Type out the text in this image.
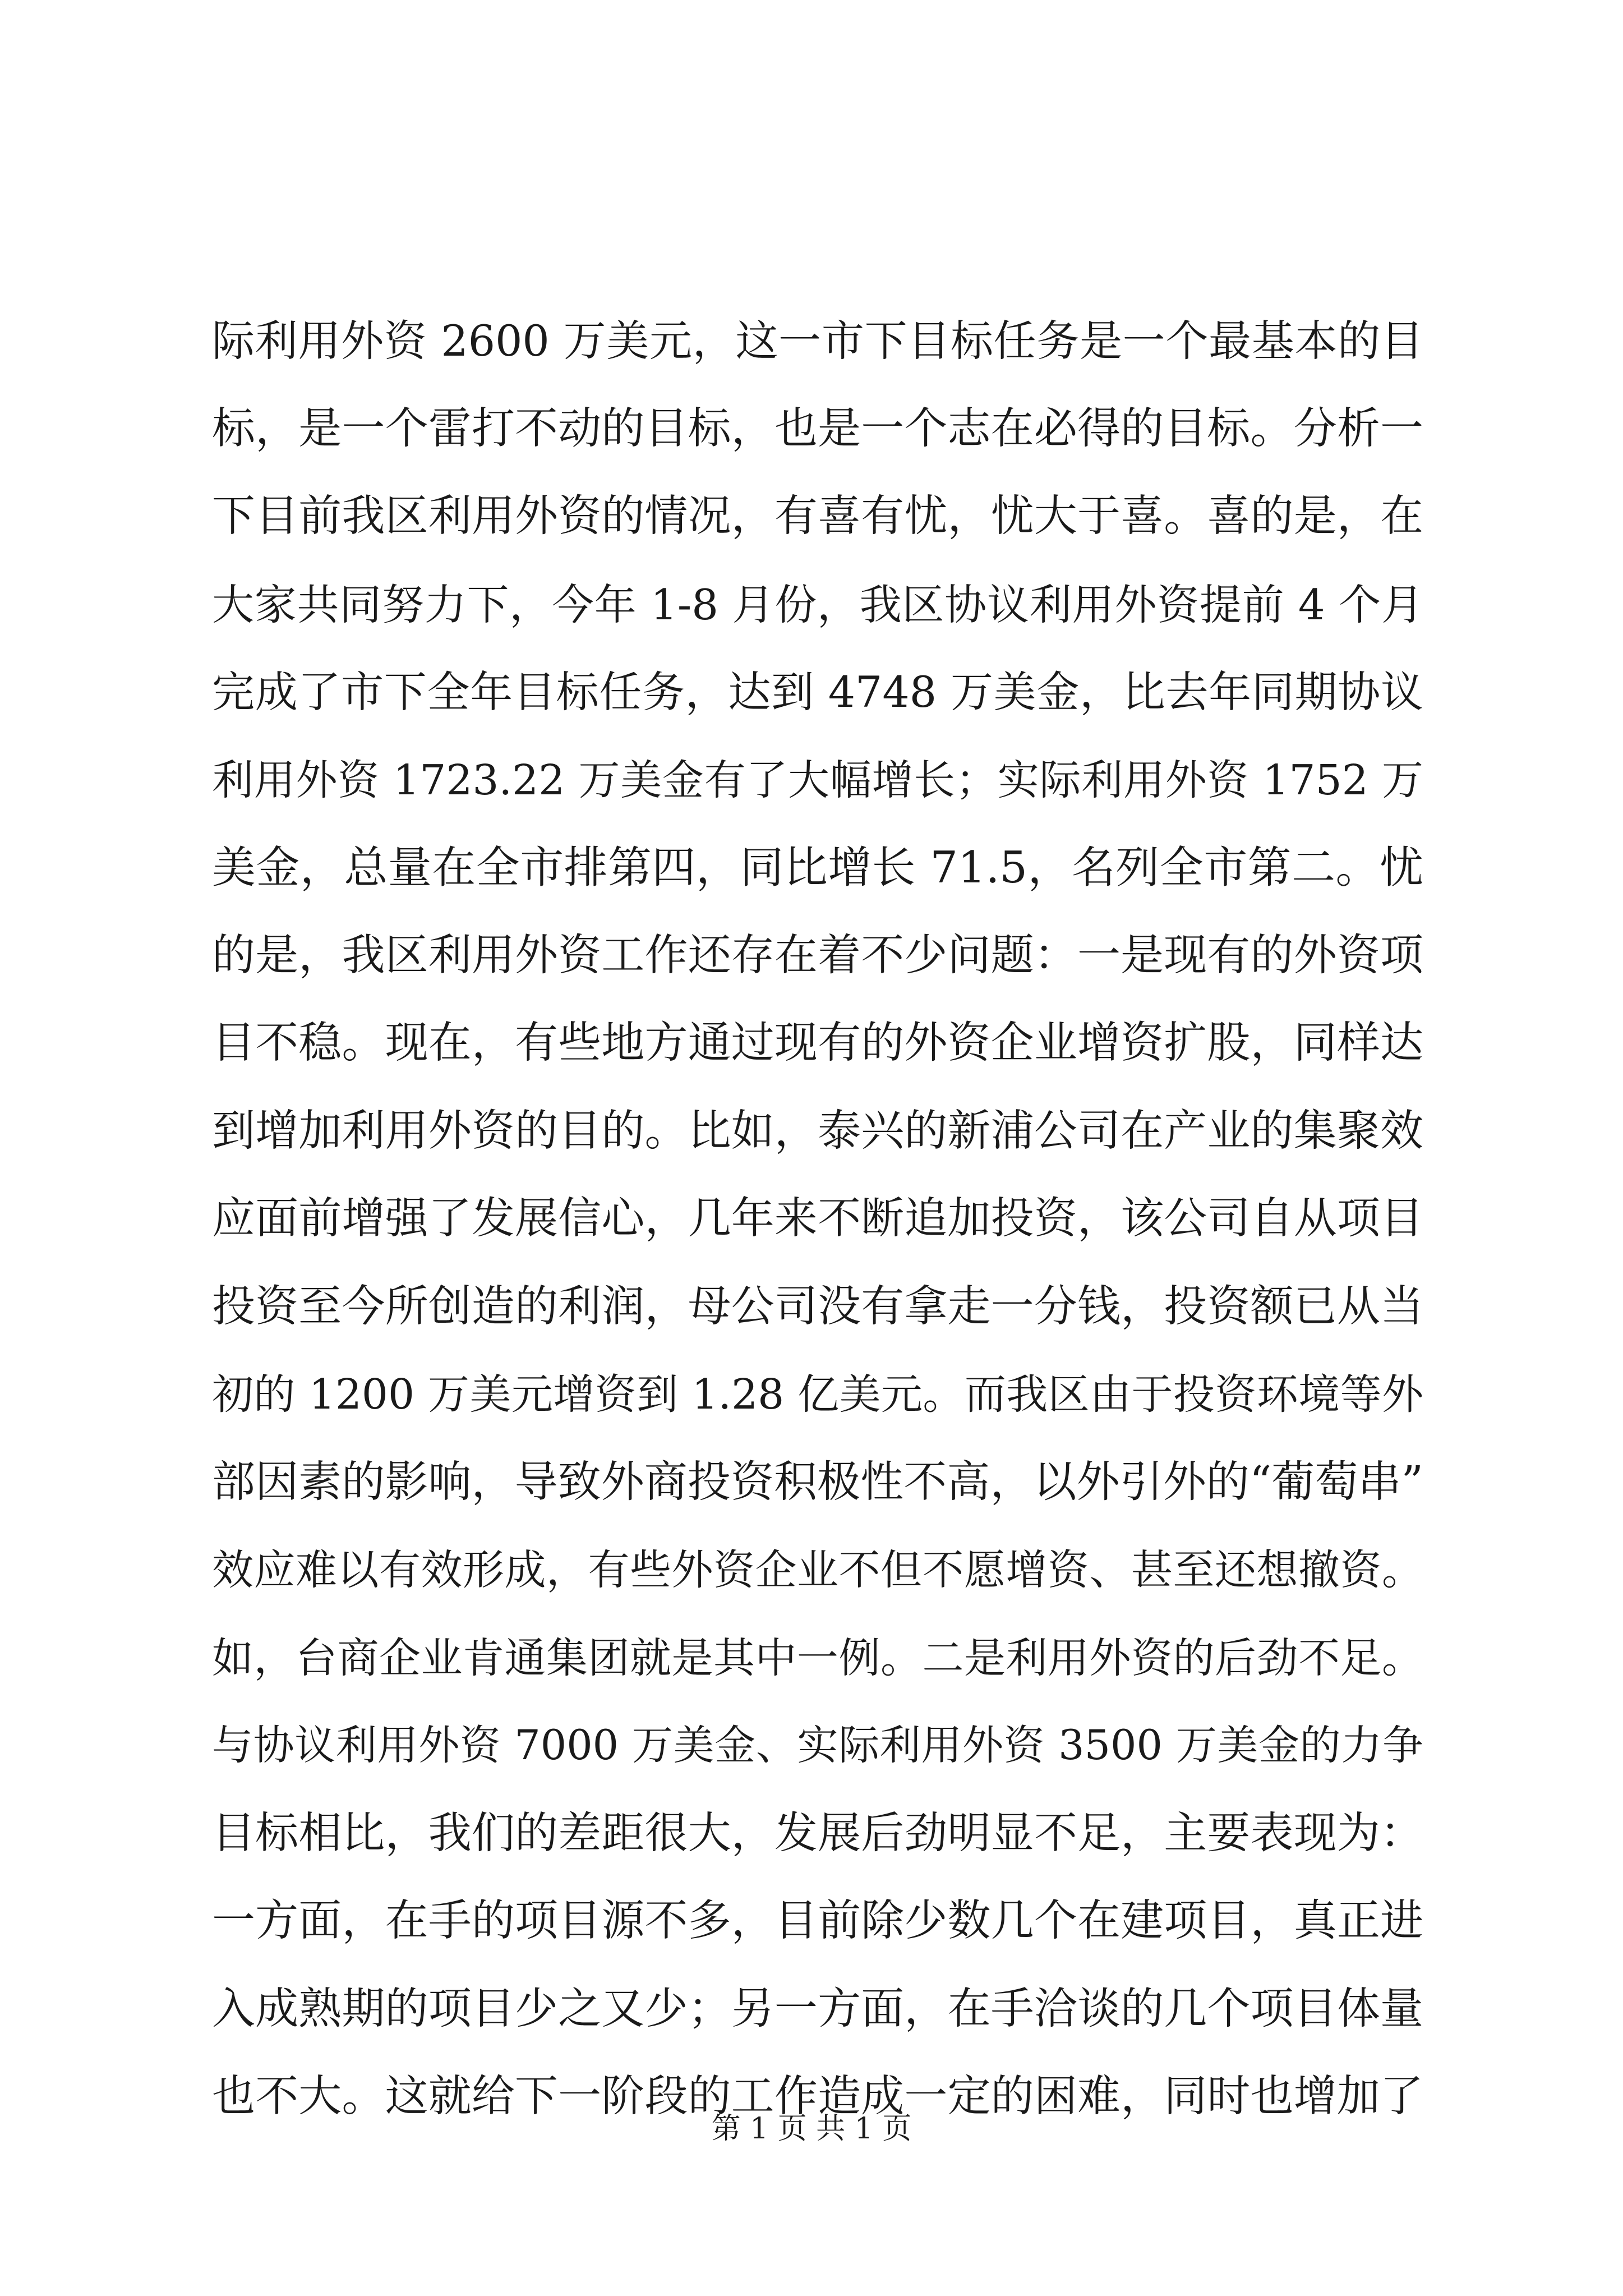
际利用外资 2600 万美元，这一市下目标任务是一个最基本的目
标，是一个雷打不动的目标，也是一个志在必得的目标。分析一
下目前我区利用外资的情况，有喜有忧，忧大于喜。喜的是，在
大家共同努力下，今年 1-8 月份，我区协议利用外资提前 4 个月
完成了市下全年目标任务，达到 4748 万美金，比去年同期协议
利用外资 1723.22 万美金有了大幅增长；实际利用外资 1752 万
美金，总量在全市排第四，同比增长 71.5，名列全市第二。忧
的是，我区利用外资工作还存在着不少问题：一是现有的外资项
目不稳。现在，有些地方通过现有的外资企业增资扩股，同样达
到增加利用外资的目的。比如，泰兴的新浦公司在产业的集聚效
应面前增强了发展信心，几年来不断追加投资，该公司自从项目
投资至今所创造的利润，母公司没有拿走一分钱，投资额已从当
初的 1200 万美元增资到 1.28 亿美元。而我区由于投资环境等外
部因素的影响，导致外商投资积极性不高，以外引外的“葡萄串”
效应难以有效形成，有些外资企业不但不愿增资、甚至还想撤资。
如，台商企业肯通集团就是其中一例。二是利用外资的后劲不足。
与协议利用外资 7000 万美金、实际利用外资 3500 万美金的力争
目标相比，我们的差距很大，发展后劲明显不足，主要表现为：
一方面，在手的项目源不多，目前除少数几个在建项目，真正进
入成熟期的项目少之又少；另一方面，在手洽谈的几个项目体量
也不大。这就给下一阶段的工作造成一定的困难，同时也增加了
第 1 页 共 1 页
